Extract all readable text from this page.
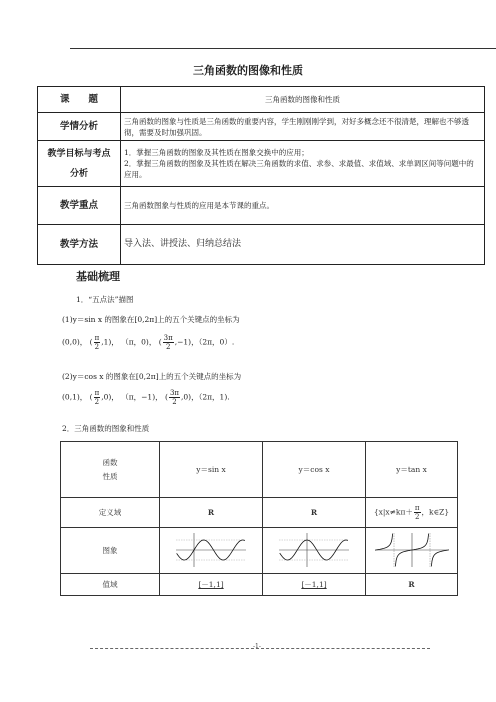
三角函数的图像和性质
课　　题	三角函数的图像和性质
学情分析	三角函数的图象与性质是三角函数的重要内容，学生刚刚刚学到，对好多概念还不很清楚，理解也不够透彻，需要及时加强巩固。
教学目标与考点分析	1．掌握三角函数的图象及其性质在图象交换中的应用；
2．掌握三角函数的图象及其性质在解决三角函数的求值、求参、求最值、求值域、求单调区间等问题中的应用。

教学重点	三角函数图象与性质的应用是本节课的重点。
教学方法	导入法、讲授法、归纳总结法
基础梳理
1．“五点法”描图
(1)y＝sin x 的图象在[0,2π]上的五个关键点的坐标为
(0,0)， ( $\frac{\pi}{2} ,1$)， （π，0)， ( $\frac{3\pi}{2} ,-1$)，（2π，0）.
(2)y＝cos x 的图象在[0,2π]上的五个关键点的坐标为
(0,1)， ( $\frac{\pi}{2} ,0$)， （π，−1)， ( $\frac{3\pi}{2} ,0$)，（2π，1).
2．三角函数的图象和性质
函数
性质	y＝sin x	y＝cos x	y＝tan x
定义域	R	R	{$x|x\ne k\pi+ \frac{\pi}{2}$ ，k∈Z}
图象			
值域	[－1,1]	[－1,1]	R
-1-
